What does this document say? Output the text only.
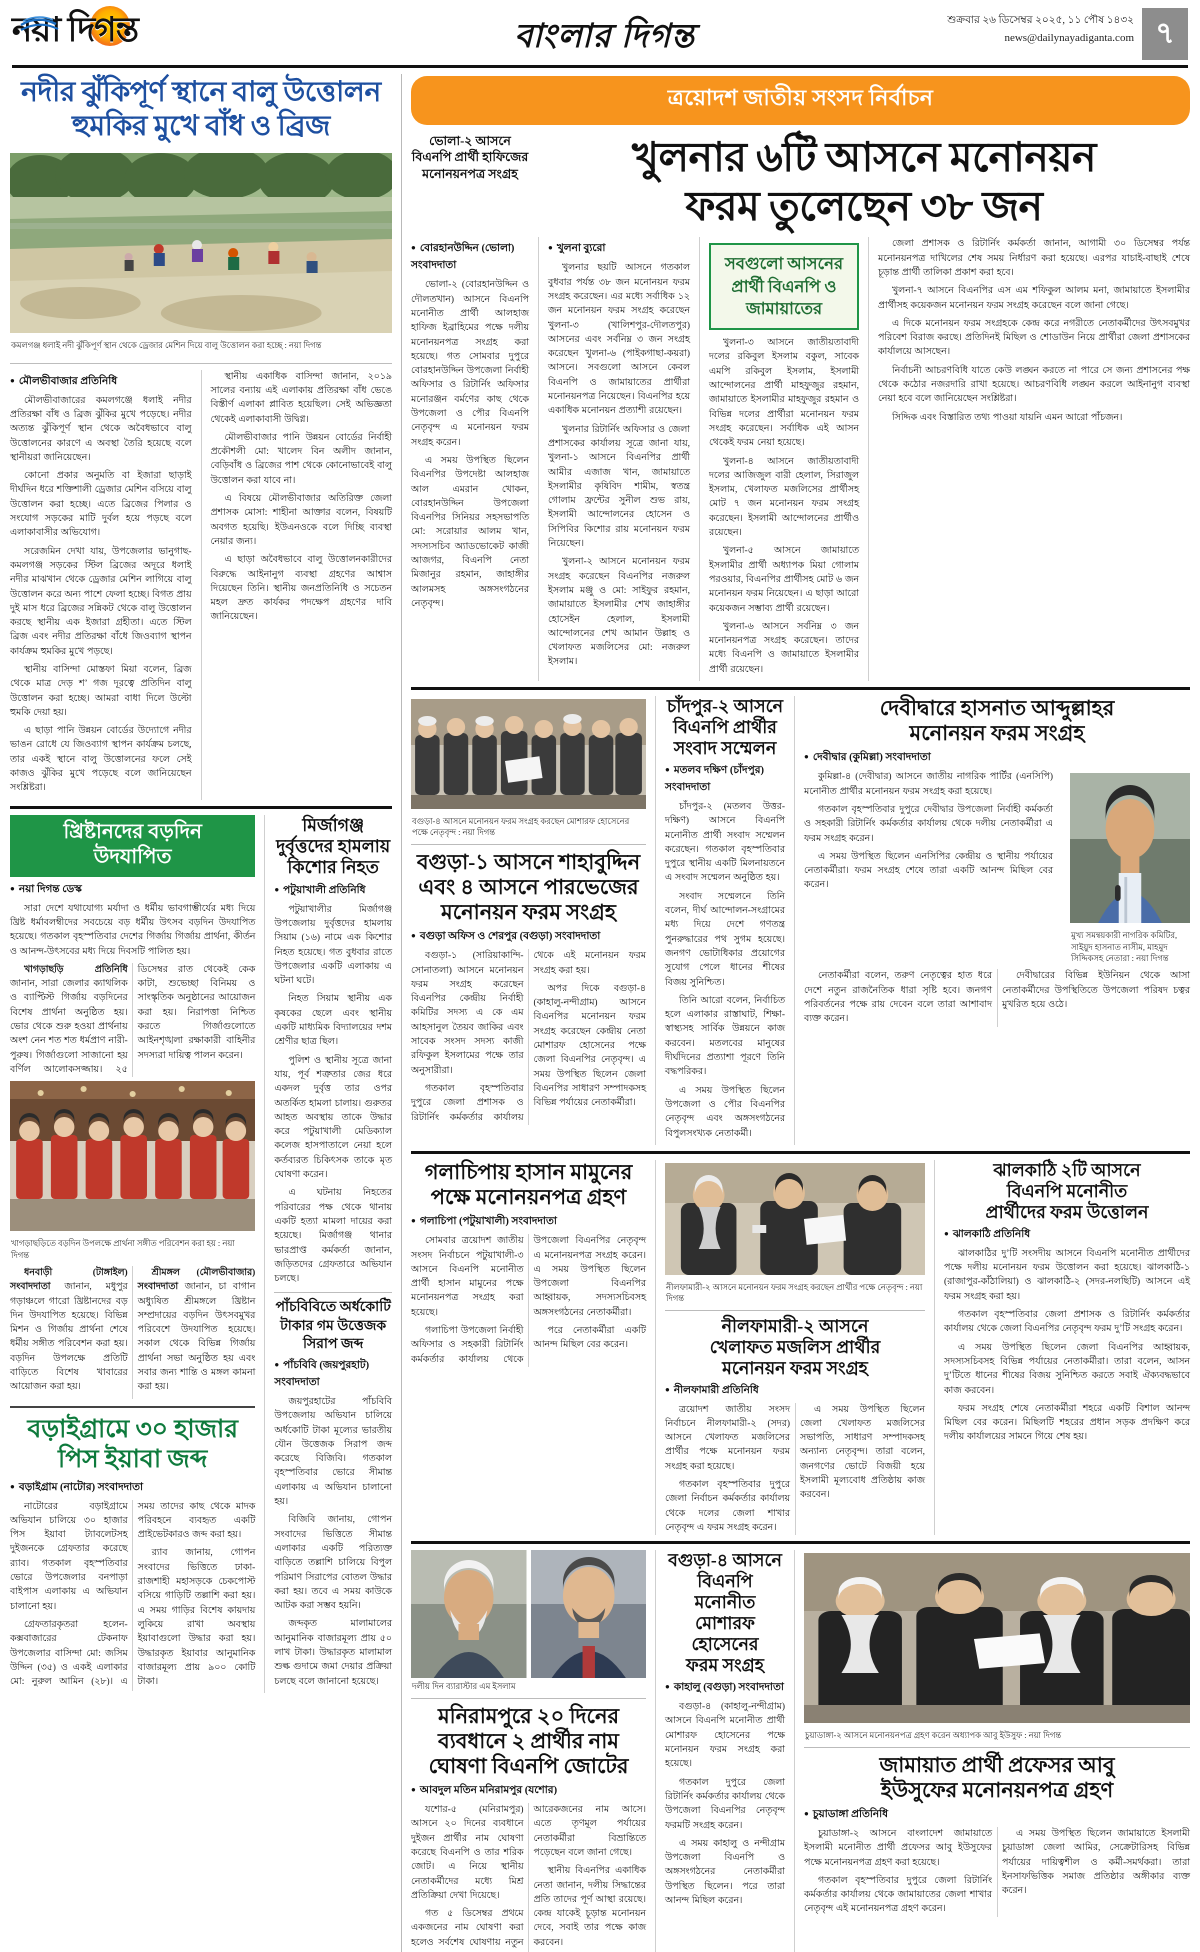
নয়া দিগন্ত	বাংলার দিগন্ত	শুক্রবার ২৬ ডিসেম্বর ২০২৫, ১১ পৌষ ১৪৩২
news@dailynayadiganta.com ৭
নদীর ঝুঁকিপূর্ণ স্থানে বালু উত্তোলন
হুমকির মুখে বাঁধ ও ব্রিজ
কমলগঞ্জ ধলাই নদী ঝুঁকিপূর্ণ স্থান থেকে ড্রেজার মেশিন দিয়ে বালু উত্তোলন করা হচ্ছে : নয়া দিগন্ত
● মৌলভীবাজার প্রতিনিধি

মৌলভীবাজারের কমলগঞ্জে ধলাই নদীর প্রতিরক্ষা বাঁধ ও ব্রিজ ঝুঁকির মুখে পড়েছে। নদীর অত্যন্ত ঝুঁকিপূর্ণ স্থান থেকে অবৈধভাবে বালু উত্তোলনের কারণে এ অবস্থা তৈরি হয়েছে বলে স্থানীয়রা জানিয়েছেন।

কোনো প্রকার অনুমতি বা ইজারা ছাড়াই দীর্ঘদিন ধরে শক্তিশালী ড্রেজার মেশিন বসিয়ে বালু উত্তোলন করা হচ্ছে। এতে ব্রিজের পিলার ও সংযোগ সড়কের মাটি দুর্বল হয়ে পড়ছে বলে এলাকাবাসীর অভিযোগ।

সরেজমিন দেখা যায়, উপজেলার ভানুগাছ-কমলগঞ্জ সড়কের স্টিল ব্রিজের অদূরে ধলাই নদীর মাঝখান থেকে ড্রেজার মেশিন লাগিয়ে বালু উত্তোলন করে অন্য পাশে ফেলা হচ্ছে। বিগত প্রায় দুই মাস ধরে ব্রিজের সন্নিকট থেকে বালু উত্তোলন করছে স্থানীয় এক ইজারা গ্রহীতা। এতে স্টিল ব্রিজ এবং নদীর প্রতিরক্ষা বাঁধে জিওব্যাগ স্থাপন কার্যক্রম হুমকির মুখে পড়ছে।

স্থানীয় বাসিন্দা মোস্তফা মিয়া বলেন, ব্রিজ থেকে মাত্র দেড় শ’ গজ দূরত্বে প্রতিদিন বালু উত্তোলন করা হচ্ছে। আমরা বাধা দিলে উল্টো হুমকি দেয়া হয়।

এ ছাড়া পানি উন্নয়ন বোর্ডের উদ্যোগে নদীর ভাঙন রোধে যে জিওব্যাগ স্থাপন কার্যক্রম চলছে, তার একই স্থানে বালু উত্তোলনের ফলে সেই কাজও ঝুঁকির মুখে পড়েছে বলে জানিয়েছেন সংশ্লিষ্টরা।

স্থানীয় একাধিক বাসিন্দা জানান, ২০১৯ সালের বন্যায় এই এলাকায় প্রতিরক্ষা বাঁধ ভেঙে বিস্তীর্ণ এলাকা প্লাবিত হয়েছিল। সেই অভিজ্ঞতা থেকেই এলাকাবাসী উদ্বিগ্ন।

মৌলভীবাজার পানি উন্নয়ন বোর্ডের নির্বাহী প্রকৌশলী মো: খালেদ বিন অলীদ জানান, বেড়িবাঁধ ও ব্রিজের পাশ থেকে কোনোভাবেই বালু উত্তোলন করা যাবে না।

এ বিষয়ে মৌলভীবাজার অতিরিক্ত জেলা প্রশাসক মোসা: শাহীনা আক্তার বলেন, বিষয়টি অবগত হয়েছি। ইউএনওকে বলে দিচ্ছি ব্যবস্থা নেয়ার জন্য।

এ ছাড়া অবৈধভাবে বালু উত্তোলনকারীদের বিরুদ্ধে আইনানুগ ব্যবস্থা গ্রহণের আশ্বাস দিয়েছেন তিনি। স্থানীয় জনপ্রতিনিধি ও সচেতন মহল দ্রুত কার্যকর পদক্ষেপ গ্রহণের দাবি জানিয়েছেন।

খ্রিষ্টানদের বড়দিন
উদযাপিত
● নয়া দিগন্ত ডেস্ক

সারা দেশে যথাযোগ্য মর্যাদা ও ধর্মীয় ভাবগাম্ভীর্যের মধ্য দিয়ে খ্রিষ্ট ধর্মাবলম্বীদের সবচেয়ে বড় ধর্মীয় উৎসব বড়দিন উদযাপিত হয়েছে। গতকাল বৃহস্পতিবার দেশের গির্জায় গির্জায় প্রার্থনা, কীর্তন ও আনন্দ-উৎসবের মধ্য দিয়ে দিবসটি পালিত হয়।

খাগড়াছড়ি প্রতিনিধি জানান, সারা জেলার ক্যাথলিক ও ব্যাপ্টিস্ট গির্জায় বড়দিনের বিশেষ প্রার্থনা অনুষ্ঠিত হয়। ভোর থেকে শুরু হওয়া প্রার্থনায় অংশ নেন শত শত ধর্মপ্রাণ নারী-পুরুষ। গির্জাগুলো সাজানো হয় বর্ণিল আলোকসজ্জায়। ২৫ ডিসেম্বর রাত থেকেই কেক কাটা, শুভেচ্ছা বিনিময় ও সাংস্কৃতিক অনুষ্ঠানের আয়োজন করা হয়। নিরাপত্তা নিশ্চিত করতে গির্জাগুলোতে আইনশৃঙ্খলা রক্ষাকারী বাহিনীর সদস্যরা দায়িত্ব পালন করেন।

খাগড়াছড়িতে বড়দিন উপলক্ষে প্রার্থনা সঙ্গীত পরিবেশন করা হয় : নয়া দিগন্ত

ধনবাড়ী (টাঙ্গাইল) সংবাদদাতা জানান, মধুপুর গড়াঞ্চলে গারো খ্রিষ্টানদের বড় দিন উদযাপিত হয়েছে। বিভিন্ন মিশন ও গির্জায় প্রার্থনা শেষে ধর্মীয় সঙ্গীত পরিবেশন করা হয়। বড়দিন উপলক্ষে প্রতিটি বাড়িতে বিশেষ খাবারের আয়োজন করা হয়।

শ্রীমঙ্গল (মৌলভীবাজার) সংবাদদাতা জানান, চা বাগান অধ্যুষিত শ্রীমঙ্গলে খ্রিষ্টান সম্প্রদায়ের বড়দিন উৎসবমুখর পরিবেশে উদযাপিত হয়েছে। সকাল থেকে বিভিন্ন গির্জায় প্রার্থনা সভা অনুষ্ঠিত হয় এবং সবার জন্য শান্তি ও মঙ্গল কামনা করা হয়।

বড়াইগ্রামে ৩০ হাজার
পিস ইয়াবা জব্দ
● বড়াইগ্রাম (নাটোর) সংবাদদাতা

নাটোরের বড়াইগ্রামে অভিযান চালিয়ে ৩০ হাজার পিস ইয়াবা ট্যাবলেটসহ দুইজনকে গ্রেফতার করেছে র‌্যাব। গতকাল বৃহস্পতিবার ভোরে উপজেলার বনপাড়া বাইপাস এলাকায় এ অভিযান চালানো হয়।

গ্রেফতারকৃতরা হলেন- কক্সবাজারের টেকনাফ উপজেলার বাসিন্দা মো: জসিম উদ্দিন (৩৫) ও একই এলাকার মো: নুরুল আমিন (২৮)। এ সময় তাদের কাছ থেকে মাদক পরিবহনে ব্যবহৃত একটি প্রাইভেটকারও জব্দ করা হয়।

র‌্যাব জানায়, গোপন সংবাদের ভিত্তিতে ঢাকা-রাজশাহী মহাসড়কে চেকপোস্ট বসিয়ে গাড়িটি তল্লাশি করা হয়। এ সময় গাড়ির বিশেষ কায়দায় লুকিয়ে রাখা অবস্থায় ইয়াবাগুলো উদ্ধার করা হয়। উদ্ধারকৃত ইয়াবার আনুমানিক বাজারমূল্য প্রায় ৯০০ কোটি টাকা।

মির্জাগঞ্জ
দুর্বৃত্তদের হামলায়
কিশোর নিহত
● পটুয়াখালী প্রতিনিধি

পটুয়াখালীর মির্জাগঞ্জ উপজেলায় দুর্বৃত্তদের হামলায় সিয়াম (১৬) নামে এক কিশোর নিহত হয়েছে। গত বুধবার রাতে উপজেলার একটি এলাকায় এ ঘটনা ঘটে।

নিহত সিয়াম স্থানীয় এক কৃষকের ছেলে এবং স্থানীয় একটি মাধ্যমিক বিদ্যালয়ের দশম শ্রেণীর ছাত্র ছিল।

পুলিশ ও স্থানীয় সূত্রে জানা যায়, পূর্ব শত্রুতার জের ধরে একদল দুর্বৃত্ত তার ওপর অতর্কিত হামলা চালায়। গুরুতর আহত অবস্থায় তাকে উদ্ধার করে পটুয়াখালী মেডিক্যাল কলেজ হাসপাতালে নেয়া হলে কর্তব্যরত চিকিৎসক তাকে মৃত ঘোষণা করেন।

এ ঘটনায় নিহতের পরিবারের পক্ষ থেকে থানায় একটি হত্যা মামলা দায়ের করা হয়েছে। মির্জাগঞ্জ থানার ভারপ্রাপ্ত কর্মকর্তা জানান, জড়িতদের গ্রেফতারে অভিযান চলছে।

পাঁচবিবিতে অর্ধকোটি
টাকার গম উত্তেজক
সিরাপ জব্দ
● পাঁচবিবি (জয়পুরহাট) সংবাদদাতা

জয়পুরহাটের পাঁচবিবি উপজেলায় অভিযান চালিয়ে অর্ধকোটি টাকা মূল্যের ভারতীয় যৌন উত্তেজক সিরাপ জব্দ করেছে বিজিবি। গতকাল বৃহস্পতিবার ভোরে সীমান্ত এলাকায় এ অভিযান চালানো হয়।

বিজিবি জানায়, গোপন সংবাদের ভিত্তিতে সীমান্ত এলাকার একটি পরিত্যক্ত বাড়িতে তল্লাশি চালিয়ে বিপুল পরিমাণ সিরাপের বোতল উদ্ধার করা হয়। তবে এ সময় কাউকে আটক করা সম্ভব হয়নি।

জব্দকৃত মালামালের আনুমানিক বাজারমূল্য প্রায় ৫০ লাখ টাকা। উদ্ধারকৃত মালামাল শুল্ক গুদামে জমা দেয়ার প্রক্রিয়া চলছে বলে জানানো হয়েছে।

ত্রয়োদশ জাতীয় সংসদ নির্বাচন
ভোলা-২ আসনে বিএনপি প্রার্থী হাফিজের মনোনয়নপত্র সংগ্রহ	খুলনার ৬টি আসনে মনোনয়ন
ফরম তুলেছেন ৩৮ জন
● বোরহানউদ্দিন (ভোলা) সংবাদদাতা

ভোলা-২ (বোরহানউদ্দিন ও দৌলতখান) আসনে বিএনপি মনোনীত প্রার্থী আলহাজ হাফিজ ইব্রাহিমের পক্ষে দলীয় মনোনয়নপত্র সংগ্রহ করা হয়েছে। গত সোমবার দুপুরে বোরহানউদ্দিন উপজেলা নির্বাহী অফিসার ও রিটার্নিং অফিসার মনোরঞ্জন বর্মণের কাছ থেকে উপজেলা ও পৌর বিএনপি নেতৃবৃন্দ এ মনোনয়ন ফরম সংগ্রহ করেন।

এ সময় উপস্থিত ছিলেন বিএনপির উপদেষ্টা আলহাজ আল এমরান খোকন, বোরহানউদ্দিন উপজেলা বিএনপির সিনিয়র সহসভাপতি মো: সরোয়ার আলম খান, সদস্যসচিব অ্যাডভোকেট কাজী আজগর, বিএনপি নেতা মিজানুর রহমান, জাহাঙ্গীর আলমসহ অঙ্গসংগঠনের নেতৃবৃন্দ।

● খুলনা ব্যুরো

খুলনার ছয়টি আসনে গতকাল বুধবার পর্যন্ত ৩৮ জন মনোনয়ন ফরম সংগ্রহ করেছেন। এর মধ্যে সর্বাধিক ১২ জন মনোনয়ন ফরম সংগ্রহ করেছেন খুলনা-৩ (খালিশপুর-দৌলতপুর) আসনের এবং সর্বনিম্ন ৩ জন সংগ্রহ করেছেন খুলনা-৬ (পাইকগাছা-কয়রা) আসনে। সবগুলো আসনে কেবল বিএনপি ও জামায়াতের প্রার্থীরা মনোনয়নপত্র নিয়েছেন। বিএনপির হয়ে একাধিক মনোনয়ন প্রত্যাশী রয়েছেন।

খুলনার রিটার্নিং অফিসার ও জেলা প্রশাসকের কার্যালয় সূত্রে জানা যায়, খুলনা-১ আসনে বিএনপির প্রার্থী আমীর এজাজ খান, জামায়াতে ইসলামীর কৃষিবিদ শামীম, স্বতন্ত্র গোলাম ফ্রন্টের সুনীল শুভ রায়, ইসলামী আন্দোলনের হোসেন ও সিপিবির কিশোর রায় মনোনয়ন ফরম নিয়েছেন।

খুলনা-২ আসনে মনোনয়ন ফরম সংগ্রহ করেছেন বিএনপির নজরুল ইসলাম মঞ্জু ও মো: সাইফুর রহমান, জামায়াতে ইসলামীর শেখ জাহাঙ্গীর হোসেইন হেলাল, ইসলামী আন্দোলনের শেখ আমান উল্লাহ ও খেলাফত মজলিসের মো: নজরুল ইসলাম।

সবগুলো আসনের
প্রার্থী বিএনপি ও
জামায়াতের

খুলনা-৩ আসনে জাতীয়তাবাদী দলের রকিবুল ইসলাম বকুল, সাবেক এমপি রকিবুল ইসলাম, ইসলামী আন্দোলনের প্রার্থী মাহফুজুর রহমান, জামায়াতে ইসলামীর মাহফুজুর রহমান ও বিভিন্ন দলের প্রার্থীরা মনোনয়ন ফরম সংগ্রহ করেছেন। সর্বাধিক এই আসন থেকেই ফরম নেয়া হয়েছে।

খুলনা-৪ আসনে জাতীয়তাবাদী দলের আজিজুল বারী হেলাল, সিরাজুল ইসলাম, খেলাফত মজলিসের প্রার্থীসহ মোট ৭ জন মনোনয়ন ফরম সংগ্রহ করেছেন। ইসলামী আন্দোলনের প্রার্থীও রয়েছেন।

খুলনা-৫ আসনে জামায়াতে ইসলামীর প্রার্থী অধ্যাপক মিয়া গোলাম পরওয়ার, বিএনপির প্রার্থীসহ মোট ৬ জন মনোনয়ন ফরম নিয়েছেন। এ ছাড়া আরো কয়েকজন সম্ভাব্য প্রার্থী রয়েছেন।

খুলনা-৬ আসনে সর্বনিম্ন ৩ জন মনোনয়নপত্র সংগ্রহ করেছেন। তাদের মধ্যে বিএনপি ও জামায়াতে ইসলামীর প্রার্থী রয়েছেন।

জেলা প্রশাসক ও রিটার্নিং কর্মকর্তা জানান, আগামী ৩০ ডিসেম্বর পর্যন্ত মনোনয়নপত্র দাখিলের শেষ সময় নির্ধারণ করা হয়েছে। এরপর যাচাই-বাছাই শেষে চূড়ান্ত প্রার্থী তালিকা প্রকাশ করা হবে।

খুলনা-৭ আসনে বিএনপির এস এম শফিকুল আলম মনা, জামায়াতে ইসলামীর প্রার্থীসহ কয়েকজন মনোনয়ন ফরম সংগ্রহ করেছেন বলে জানা গেছে।

এ দিকে মনোনয়ন ফরম সংগ্রহকে কেন্দ্র করে নগরীতে নেতাকর্মীদের উৎসবমুখর পরিবেশ বিরাজ করছে। প্রতিদিনই মিছিল ও শোডাউন নিয়ে প্রার্থীরা জেলা প্রশাসকের কার্যালয়ে আসছেন।

নির্বাচনী আচরণবিধি যাতে কেউ লঙ্ঘন করতে না পারে সে জন্য প্রশাসনের পক্ষ থেকে কঠোর নজরদারি রাখা হয়েছে। আচরণবিধি লঙ্ঘন করলে আইনানুগ ব্যবস্থা নেয়া হবে বলে জানিয়েছেন সংশ্লিষ্টরা।

সিদ্দিক এবং বিস্তারিত তথ্য পাওয়া যায়নি এমন আরো পাঁচজন।

বগুড়া-৪ আসনে মনোনয়ন ফরম সংগ্রহ করছেন মোশারফ হোসেনের পক্ষে নেতৃবৃন্দ : নয়া দিগন্ত
বগুড়া-১ আসনে শাহাবুদ্দিন
এবং ৪ আসনে পারভেজের
মনোনয়ন ফরম সংগ্রহ
● বগুড়া অফিস ও শেরপুর (বগুড়া) সংবাদদাতা

বগুড়া-১ (সারিয়াকান্দি-সোনাতলা) আসনে মনোনয়ন ফরম সংগ্রহ করেছেন বিএনপির কেন্দ্রীয় নির্বাহী কমিটির সদস্য এ কে এম আহসানুল তৈয়ব জাকির এবং সাবেক সংসদ সদস্য কাজী রফিকুল ইসলামের পক্ষে তার অনুসারীরা।

গতকাল বৃহস্পতিবার দুপুরে জেলা প্রশাসক ও রিটার্নিং কর্মকর্তার কার্যালয় থেকে এই মনোনয়ন ফরম সংগ্রহ করা হয়।

অপর দিকে বগুড়া-৪ (কাহালু-নন্দীগ্রাম) আসনে বিএনপির মনোনয়ন ফরম সংগ্রহ করেছেন কেন্দ্রীয় নেতা মোশারফ হোসেনের পক্ষে জেলা বিএনপির নেতৃবৃন্দ। এ সময় উপস্থিত ছিলেন জেলা বিএনপির সাধারণ সম্পাদকসহ বিভিন্ন পর্যায়ের নেতাকর্মীরা।

চাঁদপুর-২ আসনে
বিএনপি প্রার্থীর
সংবাদ সম্মেলন
● মতলব দক্ষিণ (চাঁদপুর) সংবাদদাতা

চাঁদপুর-২ (মতলব উত্তর-দক্ষিণ) আসনে বিএনপি মনোনীত প্রার্থী সংবাদ সম্মেলন করেছেন। গতকাল বৃহস্পতিবার দুপুরে স্থানীয় একটি মিলনায়তনে এ সংবাদ সম্মেলন অনুষ্ঠিত হয়।

সংবাদ সম্মেলনে তিনি বলেন, দীর্ঘ আন্দোলন-সংগ্রামের মধ্য দিয়ে দেশে গণতন্ত্র পুনরুদ্ধারের পথ সুগম হয়েছে। জনগণ ভোটাধিকার প্রয়োগের সুযোগ পেলে ধানের শীষের বিজয় সুনিশ্চিত।

তিনি আরো বলেন, নির্বাচিত হলে এলাকার রাস্তাঘাট, শিক্ষা-স্বাস্থ্যসহ সার্বিক উন্নয়নে কাজ করবেন। মতলবের মানুষের দীর্ঘদিনের প্রত্যাশা পূরণে তিনি বদ্ধপরিকর।

এ সময় উপস্থিত ছিলেন উপজেলা ও পৌর বিএনপির নেতৃবৃন্দ এবং অঙ্গসংগঠনের বিপুলসংখ্যক নেতাকর্মী।

দেবীদ্বারে হাসনাত আব্দুল্লাহর
মনোনয়ন ফরম সংগ্রহ
● দেবীদ্বার (কুমিল্লা) সংবাদদাতা

কুমিল্লা-৪ (দেবীদ্বার) আসনে জাতীয় নাগরিক পার্টির (এনসিপি) মনোনীত প্রার্থীর মনোনয়ন ফরম সংগ্রহ করা হয়েছে।

গতকাল বৃহস্পতিবার দুপুরে দেবীদ্বার উপজেলা নির্বাহী কর্মকর্তা ও সহকারী রিটার্নিং কর্মকর্তার কার্যালয় থেকে দলীয় নেতাকর্মীরা এ ফরম সংগ্রহ করেন।

এ সময় উপস্থিত ছিলেন এনসিপির কেন্দ্রীয় ও স্থানীয় পর্যায়ের নেতাকর্মীরা। ফরম সংগ্রহ শেষে তারা একটি আনন্দ মিছিল বের করেন।

মুখ্য সমন্বয়কারী নাগরিক কমিটির, সাইয়ুদ হাসনাত নাসীম, মাহমুদ সিদ্দিকসহ নেতারা : নয়া দিগন্ত

নেতাকর্মীরা বলেন, তরুণ নেতৃত্বের হাত ধরে দেশে নতুন রাজনৈতিক ধারা সৃষ্টি হবে। জনগণ পরিবর্তনের পক্ষে রায় দেবেন বলে তারা আশাবাদ ব্যক্ত করেন।

দেবীদ্বারের বিভিন্ন ইউনিয়ন থেকে আসা নেতাকর্মীদের উপস্থিতিতে উপজেলা পরিষদ চত্বর মুখরিত হয়ে ওঠে।

গলাচিপায় হাসান মামুনের
পক্ষে মনোনয়নপত্র গ্রহণ
● গলাচিপা (পটুয়াখালী) সংবাদদাতা

সোমবার ত্রয়োদশ জাতীয় সংসদ নির্বাচনে পটুয়াখালী-৩ আসনে বিএনপি মনোনীত প্রার্থী হাসান মামুনের পক্ষে মনোনয়নপত্র সংগ্রহ করা হয়েছে।

গলাচিপা উপজেলা নির্বাহী অফিসার ও সহকারী রিটার্নিং কর্মকর্তার কার্যালয় থেকে উপজেলা বিএনপির নেতৃবৃন্দ এ মনোনয়নপত্র সংগ্রহ করেন। এ সময় উপস্থিত ছিলেন উপজেলা বিএনপির আহ্বায়ক, সদস্যসচিবসহ অঙ্গসংগঠনের নেতাকর্মীরা।

পরে নেতাকর্মীরা একটি আনন্দ মিছিল বের করেন।

নীলফামারী-২ আসনে মনোনয়ন ফরম সংগ্রহ করছেন প্রার্থীর পক্ষে নেতৃবৃন্দ : নয়া দিগন্ত
নীলফামারী-২ আসনে
খেলাফত মজলিস প্রার্থীর
মনোনয়ন ফরম সংগ্রহ
● নীলফামারী প্রতিনিধি

ত্রয়োদশ জাতীয় সংসদ নির্বাচনে নীলফামারী-২ (সদর) আসনে খেলাফত মজলিসের প্রার্থীর পক্ষে মনোনয়ন ফরম সংগ্রহ করা হয়েছে।

গতকাল বৃহস্পতিবার দুপুরে জেলা নির্বাচন কর্মকর্তার কার্যালয় থেকে দলের জেলা শাখার নেতৃবৃন্দ এ ফরম সংগ্রহ করেন।

এ সময় উপস্থিত ছিলেন জেলা খেলাফত মজলিসের সভাপতি, সাধারণ সম্পাদকসহ অন্যান্য নেতৃবৃন্দ। তারা বলেন, জনগণের ভোটে বিজয়ী হয়ে ইসলামী মূল্যবোধ প্রতিষ্ঠায় কাজ করবেন।

ঝালকাঠি ২টি আসনে
বিএনপি মনোনীত
প্রার্থীদের ফরম উত্তোলন
● ঝালকাঠি প্রতিনিধি

ঝালকাঠির দু’টি সংসদীয় আসনে বিএনপি মনোনীত প্রার্থীদের পক্ষে দলীয় মনোনয়ন ফরম উত্তোলন করা হয়েছে। ঝালকাঠি-১ (রাজাপুর-কাঁঠালিয়া) ও ঝালকাঠি-২ (সদর-নলছিটি) আসনে এই ফরম সংগ্রহ করা হয়।

গতকাল বৃহস্পতিবার জেলা প্রশাসক ও রিটার্নিং কর্মকর্তার কার্যালয় থেকে জেলা বিএনপির নেতৃবৃন্দ ফরম দু’টি সংগ্রহ করেন।

এ সময় উপস্থিত ছিলেন জেলা বিএনপির আহ্বায়ক, সদস্যসচিবসহ বিভিন্ন পর্যায়ের নেতাকর্মীরা। তারা বলেন, আসন দু’টিতে ধানের শীষের বিজয় সুনিশ্চিত করতে সবাই ঐক্যবদ্ধভাবে কাজ করবেন।

ফরম সংগ্রহ শেষে নেতাকর্মীরা শহরে একটি বিশাল আনন্দ মিছিল বের করেন। মিছিলটি শহরের প্রধান সড়ক প্রদক্ষিণ করে দলীয় কার্যালয়ের সামনে গিয়ে শেষ হয়।

দলীয় দিন ব্যারাস্টার এম ইসলাম
মনিরামপুরে ২০ দিনের
ব্যবধানে ২ প্রার্থীর নাম
ঘোষণা বিএনপি জোটের
● আবদুল মতিন মনিরামপুর (যশোর)

যশোর-৫ (মনিরামপুর) আসনে ২০ দিনের ব্যবধানে দুইজন প্রার্থীর নাম ঘোষণা করেছে বিএনপি ও তার শরিক জোট। এ নিয়ে স্থানীয় নেতাকর্মীদের মধ্যে মিশ্র প্রতিক্রিয়া দেখা দিয়েছে।

গত ৫ ডিসেম্বর প্রথমে একজনের নাম ঘোষণা করা হলেও সর্বশেষ ঘোষণায় নতুন আরেকজনের নাম আসে। এতে তৃণমূল পর্যায়ের নেতাকর্মীরা বিভ্রান্তিতে পড়েছেন বলে জানা গেছে।

স্থানীয় বিএনপির একাধিক নেতা জানান, দলীয় সিদ্ধান্তের প্রতি তাদের পূর্ণ আস্থা রয়েছে। কেন্দ্র যাকেই চূড়ান্ত মনোনয়ন দেবে, সবাই তার পক্ষে কাজ করবেন।

বগুড়া-৪ আসনে
বিএনপি মনোনীত
মোশারফ হোসেনের
ফরম সংগ্রহ
● কাহালু (বগুড়া) সংবাদদাতা

বগুড়া-৪ (কাহালু-নন্দীগ্রাম) আসনে বিএনপি মনোনীত প্রার্থী মোশারফ হোসেনের পক্ষে মনোনয়ন ফরম সংগ্রহ করা হয়েছে।

গতকাল দুপুরে জেলা রিটার্নিং কর্মকর্তার কার্যালয় থেকে উপজেলা বিএনপির নেতৃবৃন্দ ফরমটি সংগ্রহ করেন।

এ সময় কাহালু ও নন্দীগ্রাম উপজেলা বিএনপি ও অঙ্গসংগঠনের নেতাকর্মীরা উপস্থিত ছিলেন। পরে তারা আনন্দ মিছিল করেন।

চুয়াডাঙ্গা-২ আসনে মনোনয়নপত্র গ্রহণ করেন অধ্যাপক আবু ইউসুফ : নয়া দিগন্ত
জামায়াত প্রার্থী প্রফেসর আবু
ইউসুফের মনোনয়নপত্র গ্রহণ
● চুয়াডাঙ্গা প্রতিনিধি

চুয়াডাঙ্গা-২ আসনে বাংলাদেশ জামায়াতে ইসলামী মনোনীত প্রার্থী প্রফেসর আবু ইউসুফের পক্ষে মনোনয়নপত্র গ্রহণ করা হয়েছে।

গতকাল বৃহস্পতিবার দুপুরে জেলা রিটার্নিং কর্মকর্তার কার্যালয় থেকে জামায়াতের জেলা শাখার নেতৃবৃন্দ এই মনোনয়নপত্র গ্রহণ করেন।

এ সময় উপস্থিত ছিলেন জামায়াতে ইসলামী চুয়াডাঙ্গা জেলা আমির, সেক্রেটারিসহ বিভিন্ন পর্যায়ের দায়িত্বশীল ও কর্মী-সমর্থকরা। তারা ইনসাফভিত্তিক সমাজ প্রতিষ্ঠার অঙ্গীকার ব্যক্ত করেন।
